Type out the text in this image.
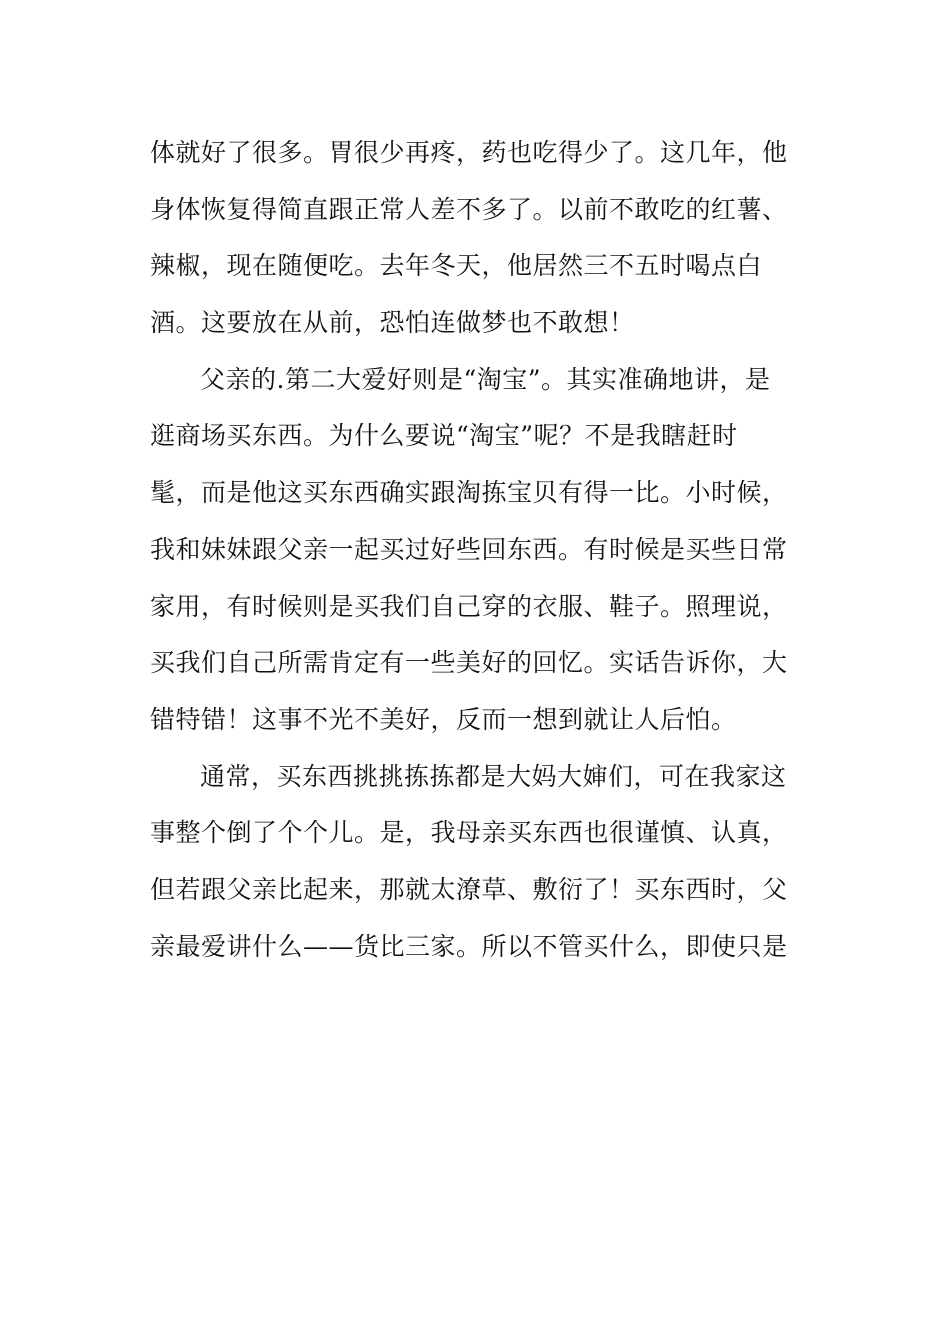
体就好了很多。胃很少再疼，药也吃得少了。这几年，他
身体恢复得简直跟正常人差不多了。以前不敢吃的红薯、
辣椒，现在随便吃。去年冬天，他居然三不五时喝点白
酒。这要放在从前，恐怕连做梦也不敢想！
父亲的.第二大爱好则是“淘宝”。其实准确地讲，是
逛商场买东西。为什么要说“淘宝”呢？不是我瞎赶时
髦，而是他这买东西确实跟淘拣宝贝有得一比。小时候，
我和妹妹跟父亲一起买过好些回东西。有时候是买些日常
家用，有时候则是买我们自己穿的衣服、鞋子。照理说，
买我们自己所需肯定有一些美好的回忆。实话告诉你，大
错特错！这事不光不美好，反而一想到就让人后怕。
通常，买东西挑挑拣拣都是大妈大婶们，可在我家这
事整个倒了个个儿。是，我母亲买东西也很谨慎、认真，
但若跟父亲比起来，那就太潦草、敷衍了！买东西时，父
亲最爱讲什么——货比三家。所以不管买什么，即使只是
